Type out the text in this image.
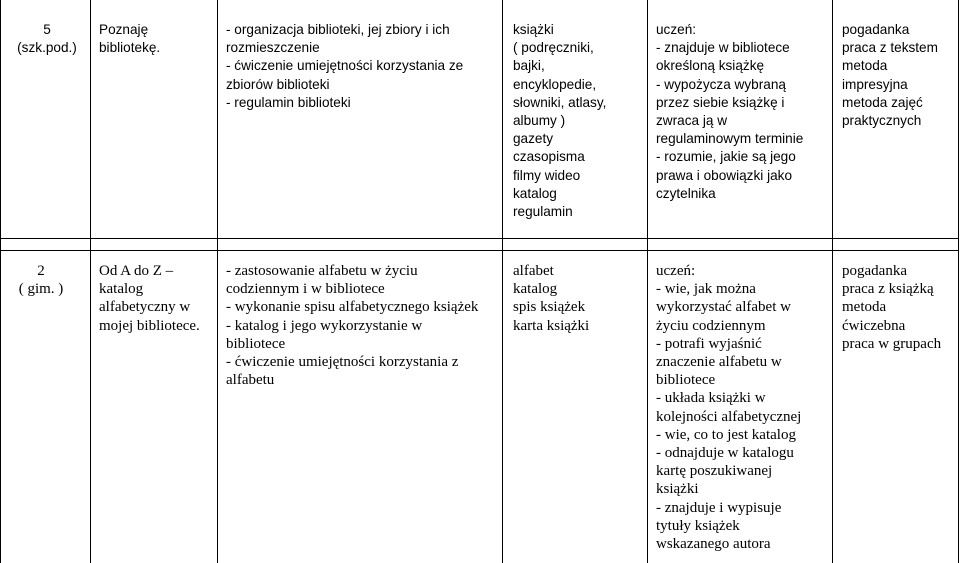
5
(szk.pod.)
Poznaję
bibliotekę.
- organizacja biblioteki, jej zbiory i ich
rozmieszczenie
- ćwiczenie umiejętności korzystania ze
zbiorów biblioteki
- regulamin biblioteki
książki
( podręczniki,
bajki,
encyklopedie,
słowniki, atlasy,
albumy )
gazety
czasopisma
filmy wideo
katalog
regulamin
uczeń:
- znajduje w bibliotece
określoną książkę
- wypożycza wybraną
przez siebie książkę i
zwraca ją w
regulaminowym terminie
- rozumie, jakie są jego
prawa i obowiązki jako
czytelnika
pogadanka
praca z tekstem
metoda
impresyjna
metoda zajęć
praktycznych
2
( gim. )
Od A do Z –
katalog
alfabetyczny w
mojej bibliotece.
- zastosowanie alfabetu w życiu
codziennym i w bibliotece
- wykonanie spisu alfabetycznego książek
- katalog i jego wykorzystanie w
bibliotece
- ćwiczenie umiejętności korzystania z
alfabetu
alfabet
katalog
spis książek
karta książki
uczeń:
- wie, jak można
wykorzystać alfabet w
życiu codziennym
- potrafi wyjaśnić
znaczenie alfabetu w
bibliotece
- układa książki w
kolejności alfabetycznej
- wie, co to jest katalog
- odnajduje w katalogu
kartę poszukiwanej
książki
- znajduje i wypisuje
tytuły książek
wskazanego autora
pogadanka
praca z książką
metoda
ćwiczebna
praca w grupach
